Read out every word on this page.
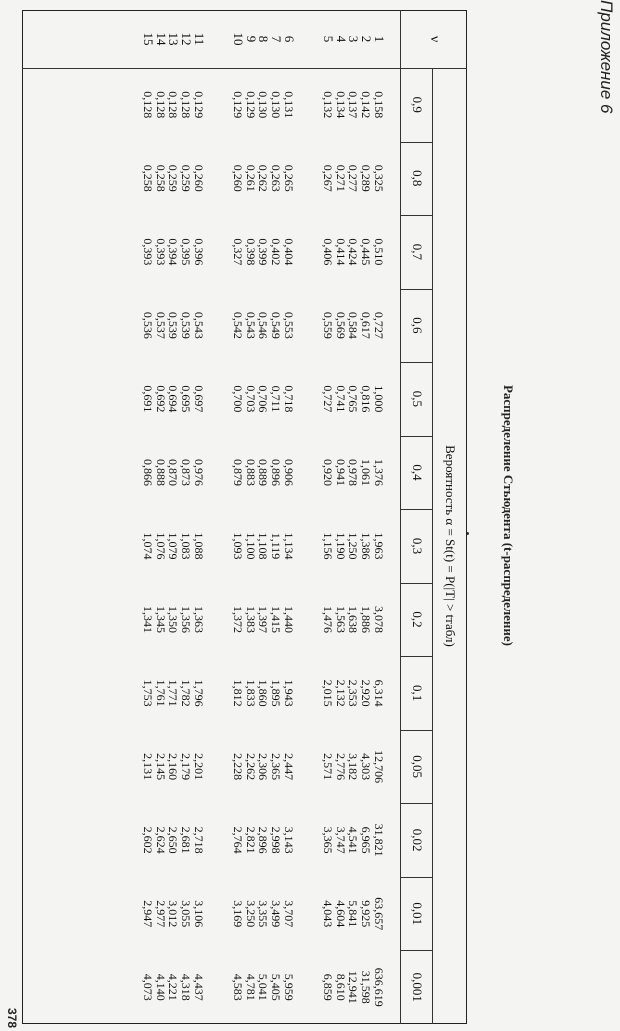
Приложение 6
Распределение Стьюдента (t-распределение)
ν
Вероятность α = St(t) = P(|T| > tтабл)
0,9
0,8
0,7
0,6
0,5
0,4
0,3
0,2
0,1
0,05
0,02
0,01
0,001
1
0,158
0,325
0,510
0,727
1,000
1,376
1,963
3,078
6,314
12,706
31,821
63,657
636,619
2
0,142
0,289
0,445
0,617
0,816
1,061
1,386
1,886
2,920
4,303
6,965
9,925
31,598
3
0,137
0,277
0,424
0,584
0,765
0,978
1,250
1,638
2,353
3,182
4,541
5,841
12,941
4
0,134
0,271
0,414
0,569
0,741
0,941
1,190
1,563
2,132
2,776
3,747
4,604
8,610
5
0,132
0,267
0,406
0,559
0,727
0,920
1,156
1,476
2,015
2,571
3,365
4,043
6,859
6
0,131
0,265
0,404
0,553
0,718
0,906
1,134
1,440
1,943
2,447
3,143
3,707
5,959
7
0,130
0,263
0,402
0,549
0,711
0,896
1,119
1,415
1,895
2,365
2,998
3,499
5,405
8
0,130
0,262
0,399
0,546
0,706
0,889
1,108
1,397
1,860
2,306
2,896
3,355
5,041
9
0,129
0,261
0,398
0,543
0,703
0,883
1,100
1,383
1,833
2,262
2,821
3,250
4,781
10
0,129
0,260
0,327
0,542
0,700
0,879
1,093
1,372
1,812
2,228
2,764
3,169
4,583
11
0,129
0,260
0,396
0,543
0,697
0,976
1,088
1,363
1,796
2,201
2,718
3,106
4,437
12
0,128
0,259
0,395
0,539
0,695
0,873
1,083
1,356
1,782
2,179
2,681
3,055
4,318
13
0,128
0,259
0,394
0,539
0,694
0,870
1,079
1,350
1,771
2,160
2,650
3,012
4,221
14
0,128
0,258
0,393
0,537
0,692
0,888
1,076
1,345
1,761
2,145
2,624
2,977
4,140
15
0,128
0,258
0,393
0,536
0,691
0,866
1,074
1,341
1,753
2,131
2,602
2,947
4,073
378
